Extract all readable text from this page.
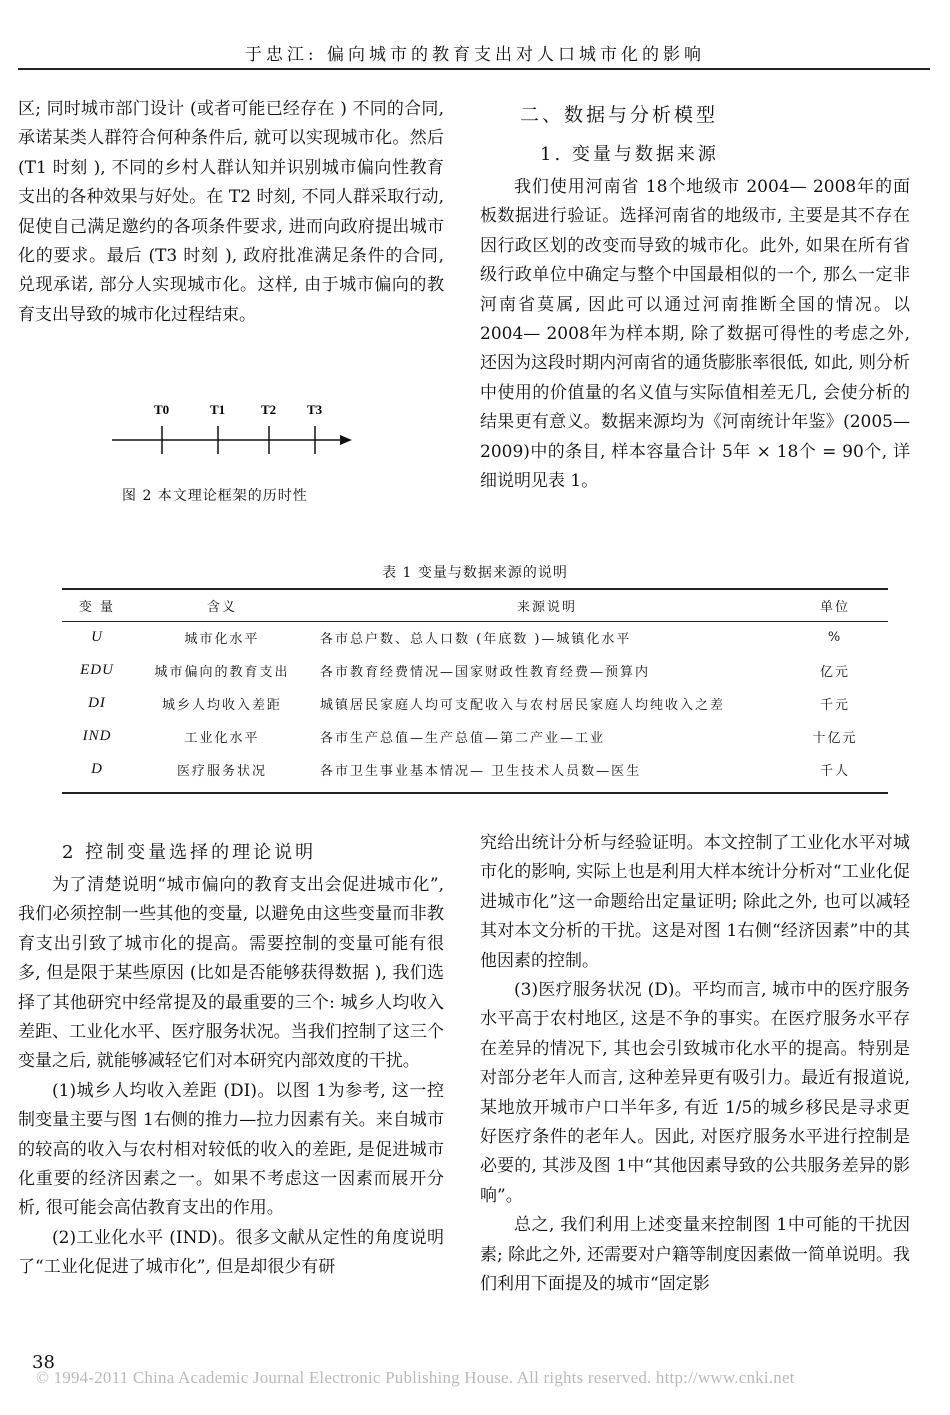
于忠江: 偏向城市的教育支出对人口城市化的影响

区; 同时城市部门设计 (或者可能已经存在 ) 不同的合同, 承诺某类人群符合何种条件后, 就可以实现城市化。然后 (T1 时刻 ), 不同的乡村人群认知并识别城市偏向性教育支出的各种效果与好处。在 T2 时刻, 不同人群采取行动, 促使自己满足邀约的各项条件要求, 进而向政府提出城市化的要求。最后 (T3 时刻 ), 政府批准满足条件的合同, 兑现承诺, 部分人实现城市化。这样, 由于城市偏向的教育支出导致的城市化过程结束。

T0	T1	T2 T3
图 2 本文理论框架的历时性
二、数据与分析模型
1. 变量与数据来源

我们使用河南省 18个地级市 2004— 2008年的面板数据进行验证。选择河南省的地级市, 主要是其不存在因行政区划的改变而导致的城市化。此外, 如果在所有省级行政单位中确定与整个中国最相似的一个, 那么一定非河南省莫属, 因此可以通过河南推断全国的情况。以 2004— 2008年为样本期, 除了数据可得性的考虑之外, 还因为这段时期内河南省的通货膨胀率很低, 如此, 则分析中使用的价值量的名义值与实际值相差无几, 会使分析的结果更有意义。数据来源均为《河南统计年鉴》(2005— 2009)中的条目, 样本容量合计 5年 × 18个 = 90个, 详细说明见表 1。

表 1 变量与数据来源的说明
变 量	含义	来源说明	单位
U	城市化水平	各市总户数、总人口数 (年底数 )—城镇化水平	%
EDU	城市偏向的教育支出	各市教育经费情况—国家财政性教育经费—预算内	亿元
DI	城乡人均收入差距	城镇居民家庭人均可支配收入与农村居民家庭人均纯收入之差	千元
IND	工业化水平	各市生产总值—生产总值—第二产业—工业	十亿元
D	医疗服务状况	各市卫生事业基本情况— 卫生技术人员数—医生	千人
2 控制变量选择的理论说明

为了清楚说明“城市偏向的教育支出会促进城市化”, 我们必须控制一些其他的变量, 以避免由这些变量而非教育支出引致了城市化的提高。需要控制的变量可能有很多, 但是限于某些原因 (比如是否能够获得数据 ), 我们选择了其他研究中经常提及的最重要的三个: 城乡人均收入差距、工业化水平、医疗服务状况。当我们控制了这三个变量之后, 就能够减轻它们对本研究内部效度的干扰。

(1)城乡人均收入差距 (DI)。以图 1为参考, 这一控制变量主要与图 1右侧的推力—拉力因素有关。来自城市的较高的收入与农村相对较低的收入的差距, 是促进城市化重要的经济因素之一。如果不考虑这一因素而展开分析, 很可能会高估教育支出的作用。

(2)工业化水平 (IND)。很多文献从定性的角度说明了“工业化促进了城市化”, 但是却很少有研

究给出统计分析与经验证明。本文控制了工业化水平对城市化的影响, 实际上也是利用大样本统计分析对“工业化促进城市化”这一命题给出定量证明; 除此之外, 也可以减轻其对本文分析的干扰。这是对图 1右侧“经济因素”中的其他因素的控制。

(3)医疗服务状况 (D)。平均而言, 城市中的医疗服务水平高于农村地区, 这是不争的事实。在医疗服务水平存在差异的情况下, 其也会引致城市化水平的提高。特别是对部分老年人而言, 这种差异更有吸引力。最近有报道说, 某地放开城市户口半年多, 有近 1/5的城乡移民是寻求更好医疗条件的老年人。因此, 对医疗服务水平进行控制是必要的, 其涉及图 1中“其他因素导致的公共服务差异的影响”。

总之, 我们利用上述变量来控制图 1中可能的干扰因素; 除此之外, 还需要对户籍等制度因素做一简单说明。我们利用下面提及的城市“固定影

38
© 1994-2011 China Academic Journal Electronic Publishing House. All rights reserved. http://www.cnki.net
